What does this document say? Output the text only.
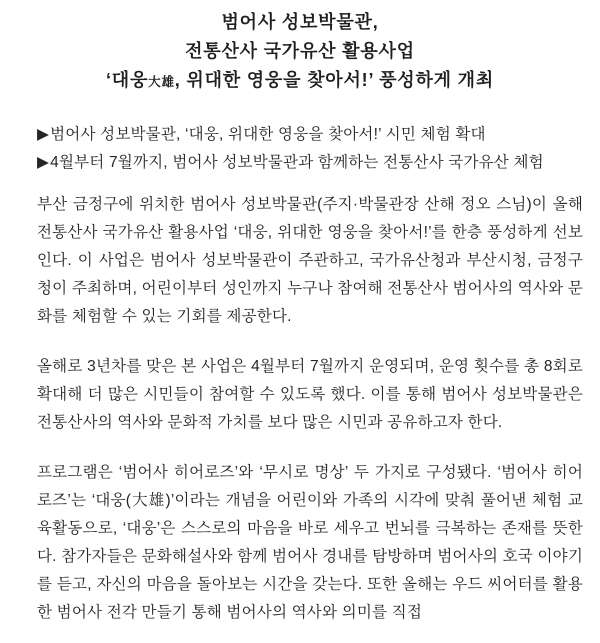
범어사 성보박물관,
전통산사 국가유산 활용사업
‘대웅大雄, 위대한 영웅을 찾아서!’ 풍성하게 개최
▶범어사 성보박물관, ‘대웅, 위대한 영웅을 찾아서!’ 시민 체험 확대
▶4월부터 7월까지, 범어사 성보박물관과 함께하는 전통산사 국가유산 체험

부산 금정구에 위치한 범어사 성보박물관(주지·박물관장 산해 정오 스님)이 올해 전통산사 국가유산 활용사업 ‘대웅, 위대한 영웅을 찾아서!’를 한층 풍성하게 선보인다. 이 사업은 범어사 성보박물관이 주관하고, 국가유산청과 부산시청, 금정구청이 주최하며, 어린이부터 성인까지 누구나 참여해 전통산사 범어사의 역사와 문화를 체험할 수 있는 기회를 제공한다.

올해로 3년차를 맞은 본 사업은 4월부터 7월까지 운영되며, 운영 횟수를 총 8회로 확대해 더 많은 시민들이 참여할 수 있도록 했다. 이를 통해 범어사 성보박물관은 전통산사의 역사와 문화적 가치를 보다 많은 시민과 공유하고자 한다.

프로그램은 ‘범어사 히어로즈’와 ‘무시로 명상’ 두 가지로 구성됐다. ‘범어사 히어로즈’는 ‘대웅(大雄)’이라는 개념을 어린이와 가족의 시각에 맞춰 풀어낸 체험 교육활동으로, ‘대웅’은 스스로의 마음을 바로 세우고 번뇌를 극복하는 존재를 뜻한다. 참가자들은 문화해설사와 함께 범어사 경내를 탐방하며 범어사의 호국 이야기를 듣고, 자신의 마음을 돌아보는 시간을 갖는다. 또한 올해는 우드 씨어터를 활용한 범어사 전각 만들기 통해 범어사의 역사와 의미를 직접
